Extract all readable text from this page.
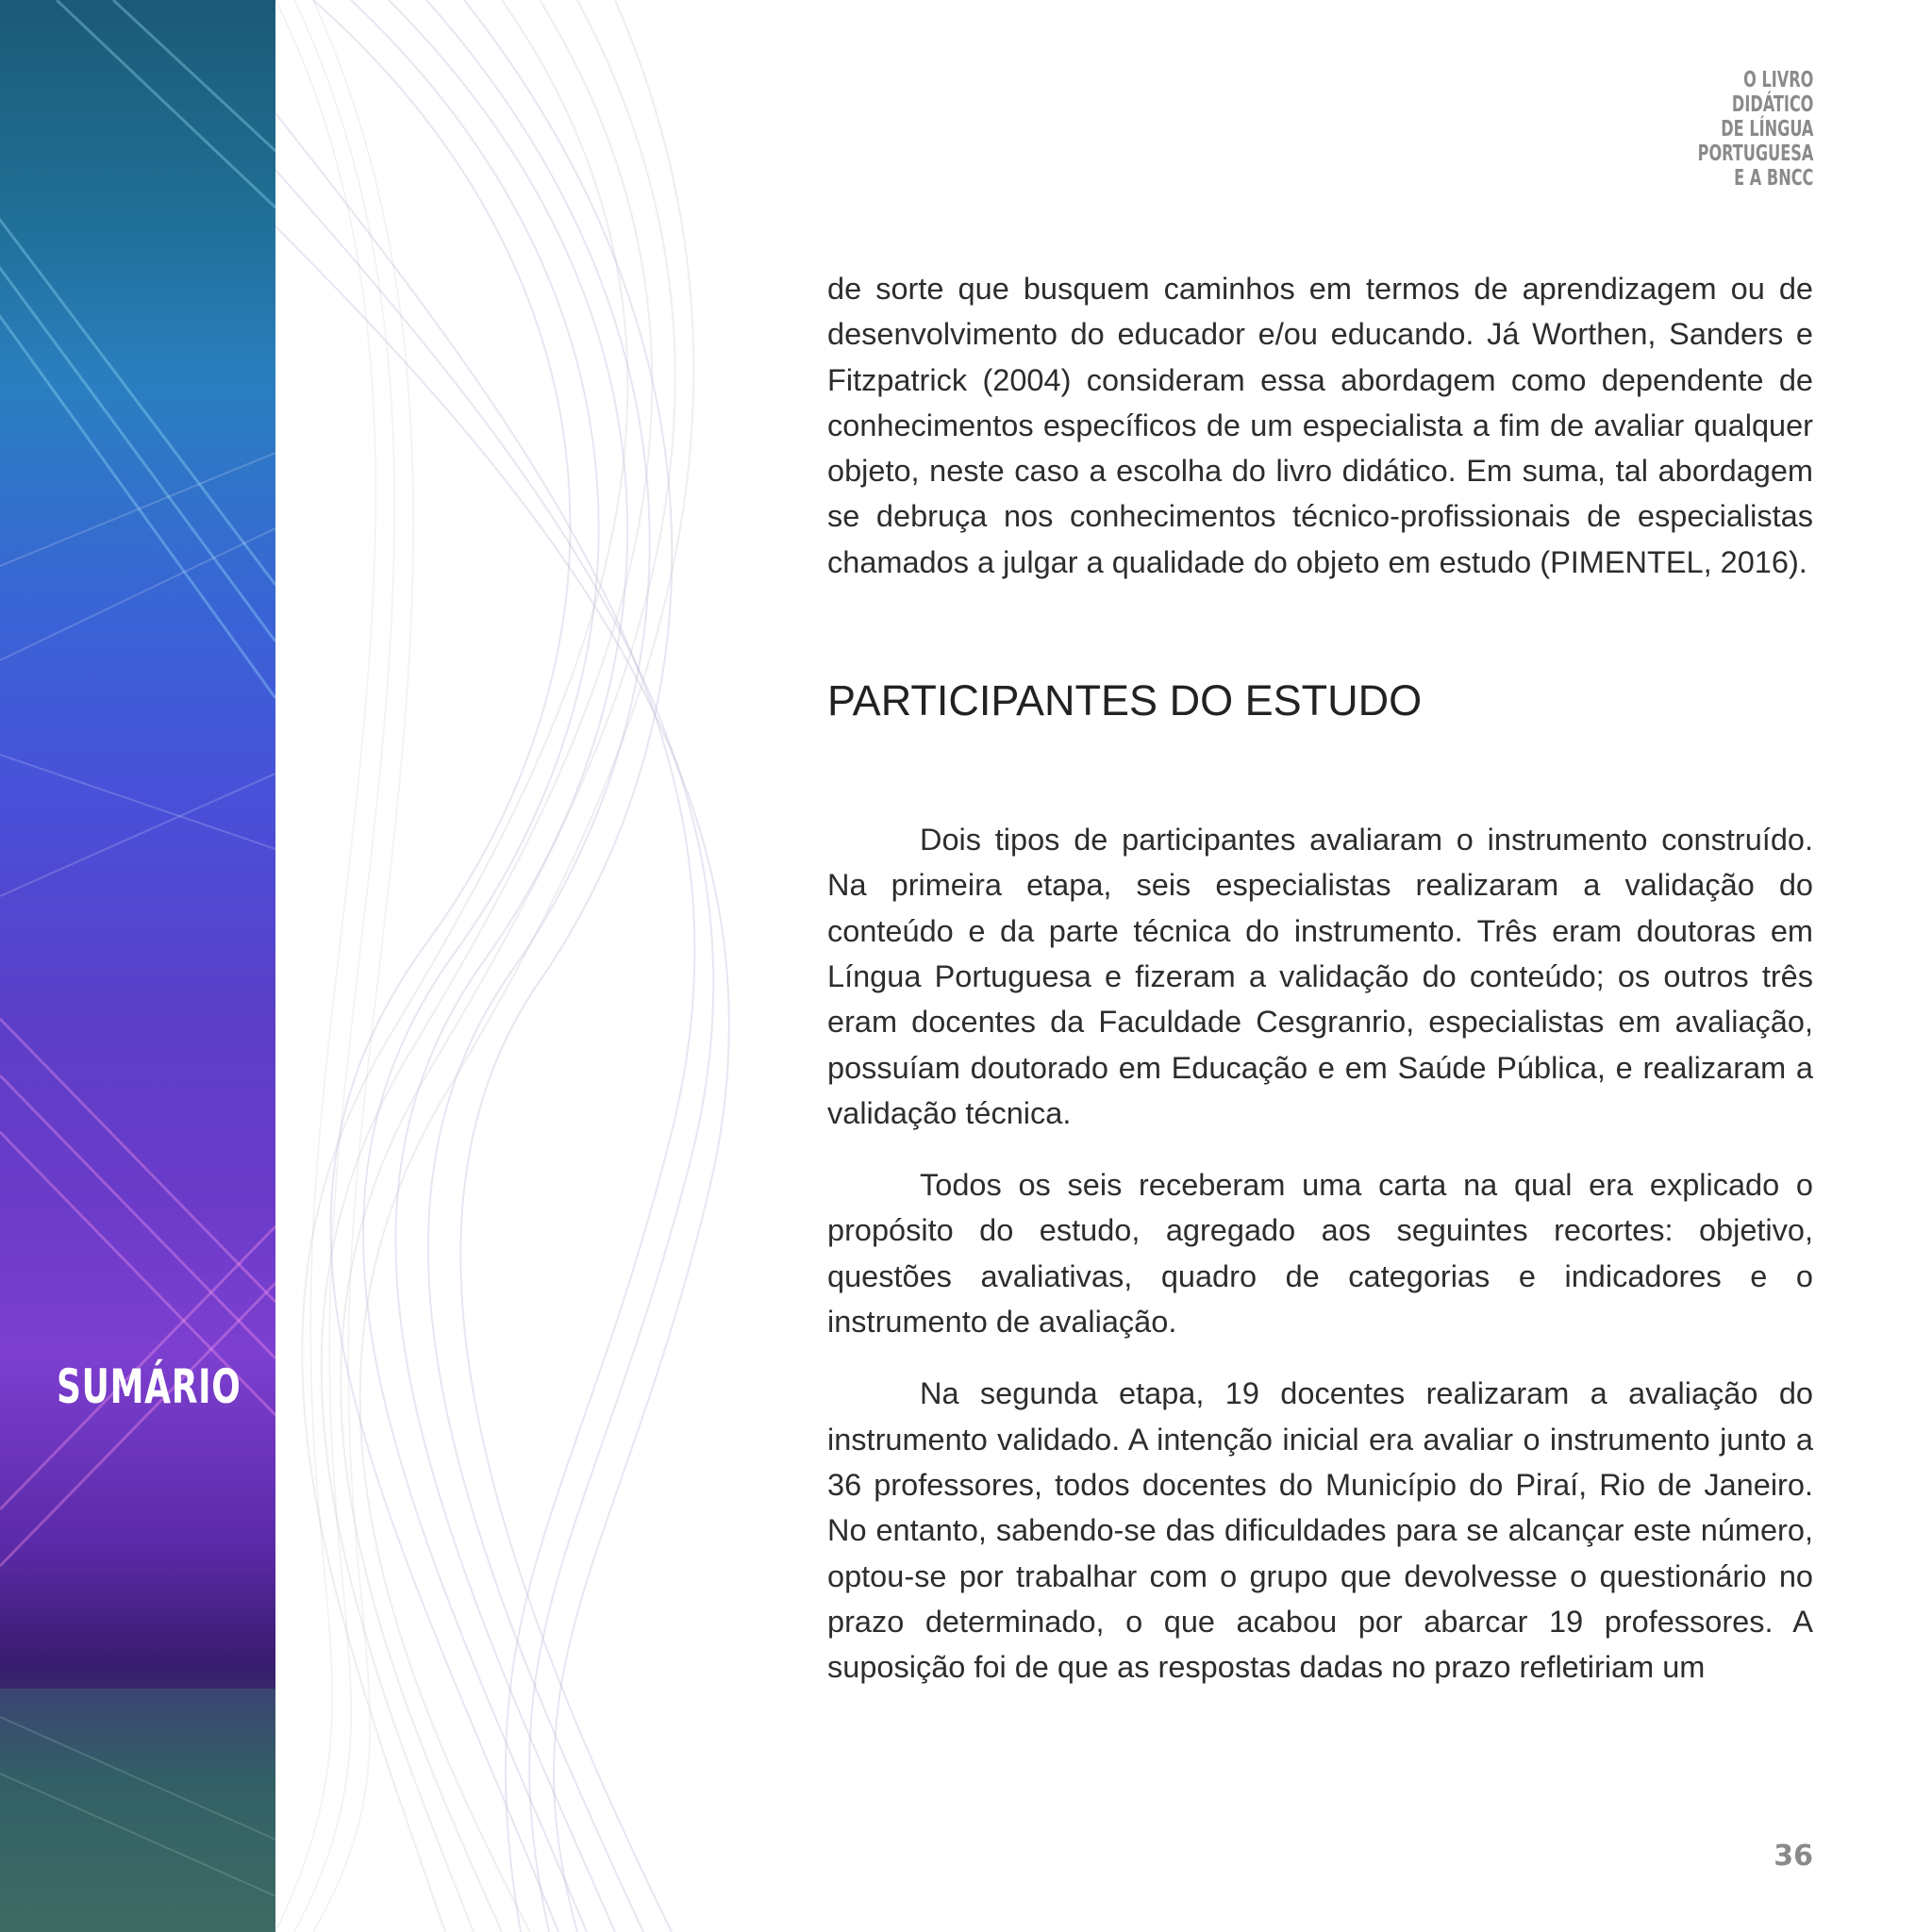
SUMÁRIO
O LIVRO
DIDÁTICO
DE LÍNGUA
PORTUGUESA
E A BNCC

de sorte que busquem caminhos em termos de aprendizagem ou de desenvolvimento do educador e/ou educando. Já Worthen, Sanders e Fitzpatrick (2004) consideram essa abordagem como dependente de conhecimentos específicos de um especialista a fim de avaliar qualquer objeto, neste caso a escolha do livro didático. Em suma, tal abordagem se debruça nos conhecimentos técnico-profissionais de especialistas chamados a julgar a qualidade do objeto em estudo (PIMENTEL, 2016).

PARTICIPANTES DO ESTUDO

Dois tipos de participantes avaliaram o instrumento construído. Na primeira etapa, seis especialistas realizaram a validação do conteúdo e da parte técnica do instrumento. Três eram doutoras em Língua Portuguesa e fizeram a validação do conteúdo; os outros três eram docentes da Faculdade Cesgranrio, especialistas em avaliação, possuíam doutorado em Educação e em Saúde Pública, e realizaram a validação técnica.

Todos os seis receberam uma carta na qual era explicado o propósito do estudo, agregado aos seguintes recortes: objetivo, questões avaliativas, quadro de categorias e indicadores e o instrumento de avaliação.

Na segunda etapa, 19 docentes realizaram a avaliação do instrumento validado. A intenção inicial era avaliar o instrumento junto a 36 professores, todos docentes do Município do Piraí, Rio de Janeiro. No entanto, sabendo-se das dificuldades para se alcançar este número, optou-se por trabalhar com o grupo que devolvesse o questionário no prazo determinado, o que acabou por abarcar 19 professores. A suposição foi de que as respostas dadas no prazo refletiriam um

36
